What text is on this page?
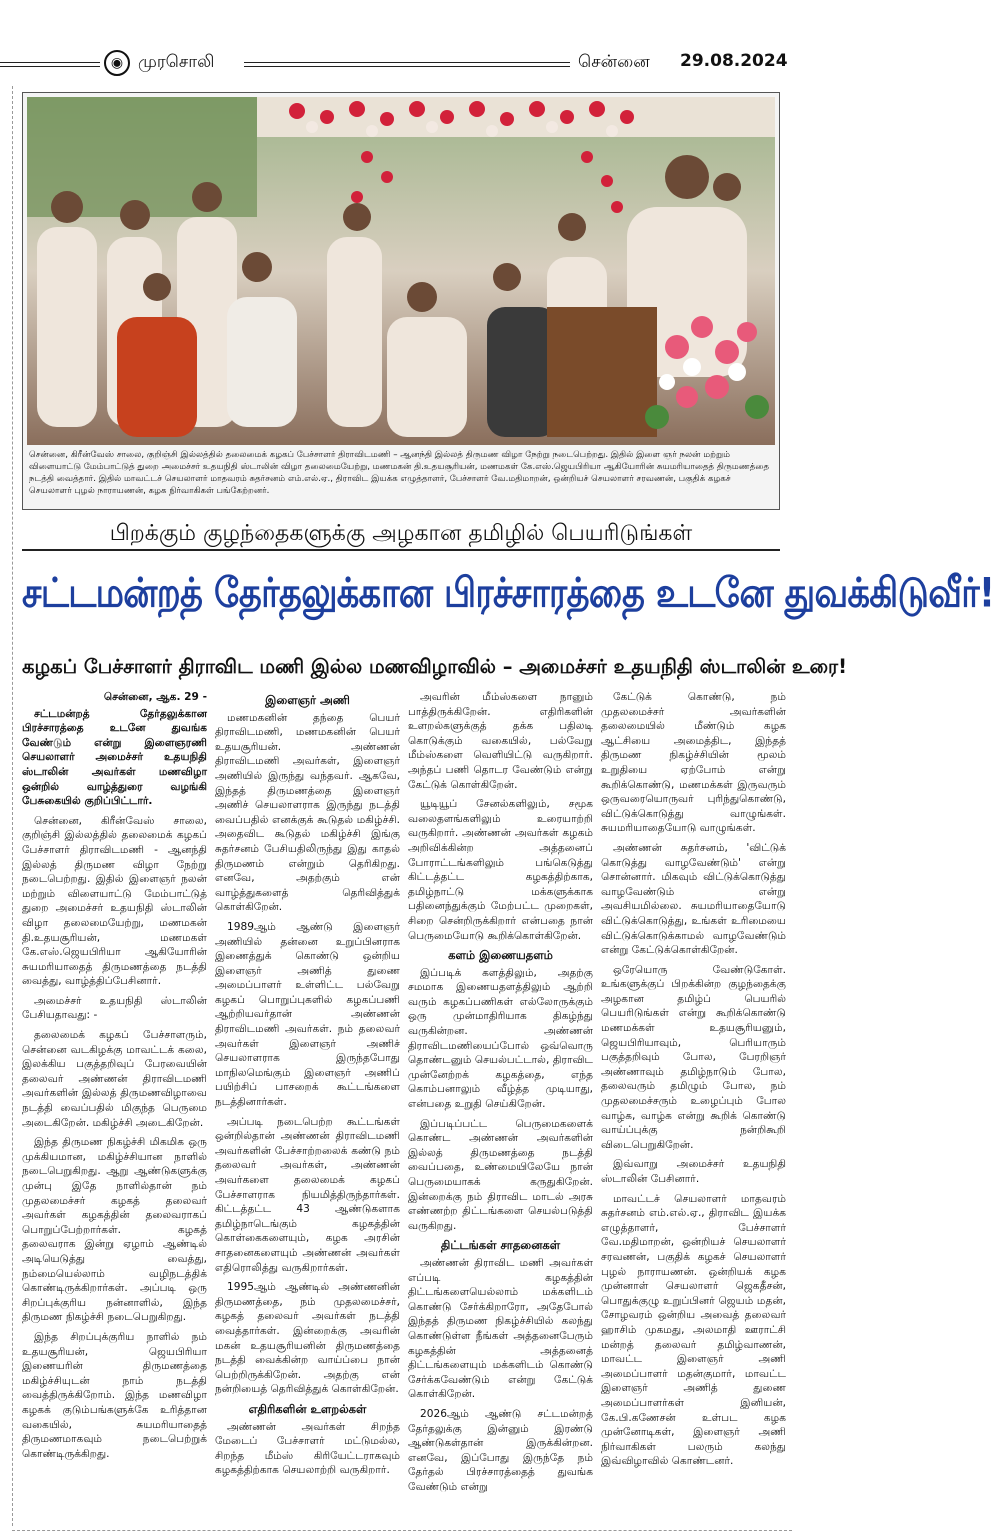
◉ முரசொலி	சென்னை 29.08.2024
சென்னை, கிரீன்வேஸ் சாலை, குறிஞ்சி இல்லத்தில் தலைமைக் கழகப் பேச்சாளர் திராவிடமணி – ஆனந்தி இல்லத் திருமண விழா நேற்று நடைபெற்றது. இதில் இளை ஞர் நலன் மற்றும் விளையாட்டு மேம்பாட்டுத் துறை அமைச்சர் உதயநிதி ஸ்டாலின் விழா தலைமையேற்று, மணமகன் தி.உதயசூரியன், மணமகள் கே.எஸ்.ஜெயபிரியா ஆகியோரின் சுயமரியாதைத் திருமணத்தை நடத்தி வைத்தார். இதில் மாவட்டச் செயலாளர் மாதவரம் சுதர்சனம் எம்.எல்.ஏ., திராவிட இயக்க எழுத்தாளர், பேச்சாளர் வே.மதிமாறன், ஒன்றியச் செயலாளர் சரவணன், பகுதிக் கழகச் செயலாளர் புழல் நாராயணன், கழக நிர்வாகிகள் பங்கேற்றனர்.
பிறக்கும் குழந்தைகளுக்கு அழகான தமிழில் பெயரிடுங்கள்
சட்டமன்றத் தேர்தலுக்கான பிரச்சாரத்தை உடனே துவக்கிடுவீர்!
கழகப் பேச்சாளர் திராவிட மணி இல்ல மணவிழாவில் – அமைச்சர் உதயநிதி ஸ்டாலின் உரை!

சென்னை, ஆக. 29 -

சட்டமன்றத் தேர்தலுக்கான பிரச்சாரத்தை உடனே துவங்க வேண்டும் என்று இளைஞரணி செயலாளர் அமைச்சர் உதயநிதி ஸ்டாலின் அவர்கள் மணவிழா ஒன்றில் வாழ்த்துரை வழங்கி பேசுகையில் குறிப்பிட்டார்.

சென்னை, கிரீன்வேஸ் சாலை, குறிஞ்சி இல்லத்தில் தலைமைக் கழகப் பேச்சாளர் திராவிடமணி - ஆனந்தி இல்லத் திருமண விழா நேற்று நடைபெற்றது. இதில் இளைஞர் நலன் மற்றும் விளையாட்டு மேம்பாட்டுத் துறை அமைச்சர் உதயநிதி ஸ்டாலின் விழா தலைமையேற்று, மணமகன் தி.உதயசூரியன், மணமகள் கே.எஸ்.ஜெயபிரியா ஆகியோரின் சுயமரியாதைத் திருமணத்தை நடத்தி வைத்து, வாழ்த்திப்பேசினார்.

அமைச்சர் உதயநிதி ஸ்டாலின் பேசியதாவது: -

தலைமைக் கழகப் பேச்சாளரும், சென்னை வடகிழக்கு மாவட்டக் கலை, இலக்கிய பகுத்தறிவுப் பேரவையின் தலைவர் அண்ணன் திராவிடமணி அவர்களின் இல்லத் திருமணவிழாவை நடத்தி வைப்பதில் மிகுந்த பெருமை அடைகிறேன். மகிழ்ச்சி அடைகிறேன்.

இந்த திருமண நிகழ்ச்சி மிகமிக ஒரு முக்கியமான, மகிழ்ச்சியான நாளில் நடைபெறுகிறது. ஆறு ஆண்டுகளுக்கு முன்பு இதே நாளில்தான் நம் முதலமைச்சர் கழகத் தலைவர் அவர்கள் கழகத்தின் தலைவராகப் பொறுப்பேற்றார்கள். கழகத் தலைவராக இன்று ஏழாம் ஆண்டில் அடியெடுத்து வைத்து, நம்மையெல்லாம் வழிநடத்திக் கொண்டிருக்கிறார்கள். அப்படி ஒரு சிறப்புக்குரிய நன்னாளில், இந்த திருமண நிகழ்ச்சி நடைபெறுகிறது.

இந்த சிறப்புக்குரிய நாளில் நம் உதயசூரியன், ஜெயபிரியா இணையரின் திருமணத்தை மகிழ்ச்சியுடன் நாம் நடத்தி வைத்திருக்கிறோம். இந்த மணவிழா கழகக் குடும்பங்களுக்கே உரித்தான வகையில், சுயமரியாதைத் திருமணமாகவும் நடைபெற்றுக் கொண்டிருக்கிறது.

இளைஞர் அணி

மணமகனின் தந்தை பெயர் திராவிடமணி, மணமகனின் பெயர் உதயசூரியன். அண்ணன் திராவிடமணி அவர்கள், இளைஞர் அணியில் இருந்து வந்தவர். ஆகவே, இந்தத் திருமணத்தை இளைஞர் அணிச் செயலாளராக இருந்து நடத்தி வைப்பதில் எனக்குக் கூடுதல் மகிழ்ச்சி. அதைவிட கூடுதல் மகிழ்ச்சி இங்கு சுதர்சனம் பேசியதிலிருந்து இது காதல் திருமணம் என்றும் தெரிகிறது. எனவே, அதற்கும் என் வாழ்த்துகளைத் தெரிவித்துக் கொள்கிறேன்.

1989ஆம் ஆண்டு இளைஞர் அணியில் தன்னை உறுப்பினராக இணைத்துக் கொண்டு ஒன்றிய இளைஞர் அணித் துணை அமைப்பாளர் உள்ளிட்ட பல்வேறு கழகப் பொறுப்புகளில் கழகப்பணி ஆற்றியவர்தான் அண்ணன் திராவிடமணி அவர்கள். நம் தலைவர் அவர்கள் இளைஞர் அணிச் செயலாளராக இருந்தபோது மாநிலமெங்கும் இளைஞர் அணிப் பயிற்சிப் பாசறைக் கூட்டங்களை நடத்தினார்கள்.

அப்படி நடைபெற்ற கூட்டங்கள் ஒன்றில்தான் அண்ணன் திராவிடமணி அவர்களின் பேச்சாற்றலைக் கண்டு நம் தலைவர் அவர்கள், அண்ணன் அவர்களை தலைமைக் கழகப் பேச்சாளராக நியமித்திருந்தார்கள். கிட்டத்தட்ட 43 ஆண்டுகளாக தமிழ்நாடெங்கும் கழகத்தின் கொள்கைகளையும், கழக அரசின் சாதனைகளையும் அண்ணன் அவர்கள் எதிரொலித்து வருகிறார்கள்.

1995ஆம் ஆண்டில் அண்ணனின் திருமணத்தை, நம் முதலமைச்சர், கழகத் தலைவர் அவர்கள் நடத்தி வைத்தார்கள். இன்றைக்கு அவரின் மகன் உதயசூரியனின் திருமணத்தை நடத்தி வைக்கின்ற வாய்ப்பை நான் பெற்றிருக்கிறேன். அதற்கு என் நன்றியைத் தெரிவித்துக் கொள்கிறேன்.

எதிரிகளின் உளறல்கள்

அண்ணன் அவர்கள் சிறந்த மேடைப் பேச்சாளர் மட்டுமல்ல, சிறந்த மீம்ஸ் கிரியேட்டராகவும் கழகத்திற்காக செயலாற்றி வருகிறார்.

அவரின் மீம்ஸ்களை நானும் பாத்திருக்கிறேன். எதிரிகளின் உளறல்களுக்குத் தக்க பதிலடி கொடுக்கும் வகையில், பல்வேறு மீம்ஸ்களை வெளியிட்டு வருகிறார். அந்தப் பணி தொடர வேண்டும் என்று கேட்டுக் கொள்கிறேன்.

யூடியூப் சேனல்களிலும், சமூக வலைதளங்களிலும் உரையாற்றி வருகிறார். அண்ணன் அவர்கள் கழகம் அறிவிக்கின்ற அத்தனைப் போராட்டங்களிலும் பங்கெடுத்து கிட்டத்தட்ட கழகத்திற்காக, தமிழ்நாட்டு மக்களுக்காக பதினைந்துக்கும் மேற்பட்ட முறைகள், சிறை சென்றிருக்கிறார் என்பதை நான் பெருமையோடு கூறிக்கொள்கிறேன்.

களம் இணையதளம்

இப்படிக் களத்திலும், அதற்கு சமமாக இணையதளத்திலும் ஆற்றி வரும் கழகப்பணிகள் எல்லோருக்கும் ஒரு முன்மாதிரியாக திகழ்ந்து வருகின்றன. அண்ணன் திராவிடமணியைப்போல் ஒவ்வொரு தொண்டனும் செயல்பட்டால், திராவிட முன்னேற்றக் கழகத்தை, எந்த கொம்பனாலும் வீழ்த்த முடியாது, என்பதை உறுதி செய்கிறேன்.

இப்படிப்பட்ட பெருமைகளைக் கொண்ட அண்ணன் அவர்களின் இல்லத் திருமணத்தை நடத்தி வைப்பதை, உண்மையிலேயே நான் பெருமையாகக் கருதுகிறேன். இன்றைக்கு நம் திராவிட மாடல் அரசு எண்ணற்ற திட்டங்களை செயல்படுத்தி வருகிறது.

திட்டங்கள் சாதனைகள்

அண்ணன் திராவிட மணி அவர்கள் எப்படி கழகத்தின் திட்டங்களையெல்லாம் மக்களிடம் கொண்டு சேர்க்கிறாரோ, அதேபோல் இந்தத் திருமண நிகழ்ச்சியில் கலந்து கொண்டுள்ள நீங்கள் அத்தனைபேரும் கழகத்தின் அத்தனைத் திட்டங்களையும் மக்களிடம் கொண்டு சேர்க்கவேண்டும் என்று கேட்டுக் கொள்கிறேன்.

2026ஆம் ஆண்டு சட்டமன்றத் தேர்தலுக்கு இன்னும் இரண்டு ஆண்டுகள்தான் இருக்கின்றன. எனவே, இப்போது இருந்தே நம் தேர்தல் பிரச்சாரத்தைத் துவங்க வேண்டும் என்று

கேட்டுக் கொண்டு, நம் முதலமைச்சர் அவர்களின் தலைமையில் மீண்டும் கழக ஆட்சியை அமைத்திட, இந்தத் திருமண நிகழ்ச்சியின் மூலம் உறுதியை ஏற்போம் என்று கூறிக்கொண்டு, மணமக்கள் இருவரும் ஒருவரையொருவர் புரிந்துகொண்டு, விட்டுக்கொடுத்து வாழுங்கள். சுயமரியாதையோடு வாழுங்கள்.

அண்ணன் சுதர்சனம், 'விட்டுக் கொடுத்து வாழவேண்டும்' என்று சொன்னார். மிகவும் விட்டுக்கொடுத்து வாழவேண்டும் என்று அவசியமில்லை. சுயமரியாதையோடு விட்டுக்கொடுத்து, உங்கள் உரிமையை விட்டுக்கொடுக்காமல் வாழவேண்டும் என்று கேட்டுக்கொள்கிறேன்.

ஒரேயொரு வேண்டுகோள். உங்களுக்குப் பிறக்கின்ற குழந்தைக்கு அழகான தமிழ்ப் பெயரில் பெயரிடுங்கள் என்று கூறிக்கொண்டு மணமக்கள் உதயசூரியனும், ஜெயபிரியாவும், பெரியாரும் பகுத்தறிவும் போல, பேரறிஞர் அண்ணாவும் தமிழ்நாடும் போல, தலைவரும் தமிழும் போல, நம் முதலமைச்சரும் உழைப்பும் போல வாழ்க, வாழ்க என்று கூறிக் கொண்டு வாய்ப்புக்கு நன்றிகூறி விடைபெறுகிறேன்.

இவ்வாறு அமைச்சர் உதயநிதி ஸ்டாலின் பேசினார்.

மாவட்டச் செயலாளர் மாதவரம் சுதர்சனம் எம்.எல்.ஏ., திராவிட இயக்க எழுத்தாளர், பேச்சாளர் வே.மதிமாறன், ஒன்றியச் செயலாளர் சரவணன், பகுதிக் கழகச் செயலாளர் புழல் நாராயணன். ஒன்றியக் கழக முன்னாள் செயலாளர் ஜெகதீசன், பொதுக்குழு உறுப்பினர் ஜெயம் மதன், சோழவரம் ஒன்றிய அவைத் தலைவர் ஹாசிம் முகமது, அலமாதி ஊராட்சி மன்றத் தலைவர் தமிழ்வாணன், மாவட்ட இளைஞர் அணி அமைப்பாளர் மதன்குமார், மாவட்ட இளைஞர் அணித் துணை அமைப்பாளர்கள் இனியன், கே.பி.கணேசன் உள்பட கழக முன்னோடிகள், இளைஞர் அணி நிர்வாகிகள் பலரும் கலந்து இவ்விழாவில் கொண்டனர்.
